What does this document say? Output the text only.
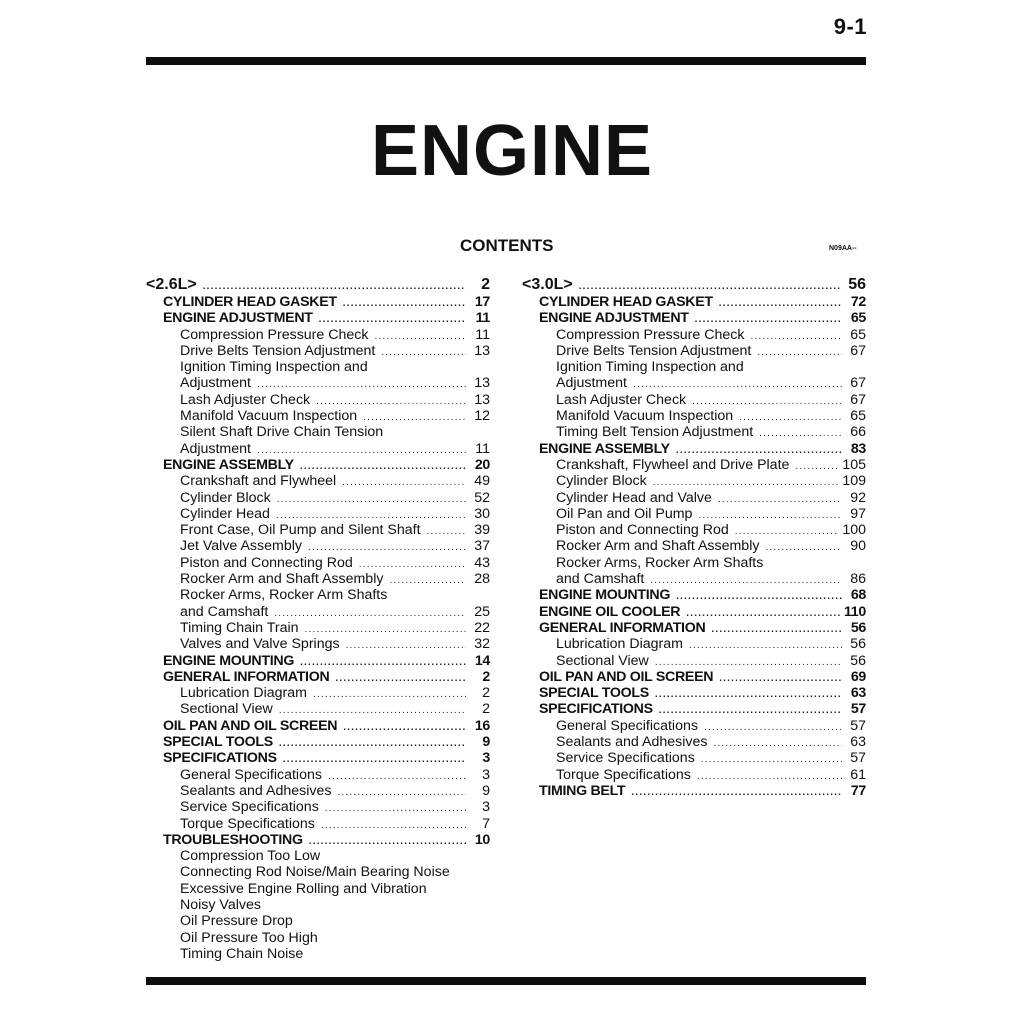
9-1
ENGINE
CONTENTS	N09AA--
<2.6L> .....	2
CYLINDER HEAD GASKET .....	17
ENGINE ADJUSTMENT .....	11
Compression Pressure Check .....	11
Drive Belts Tension Adjustment .....	13
Ignition Timing Inspection and
Adjustment .....	13
Lash Adjuster Check .....	13
Manifold Vacuum Inspection .....	12
Silent Shaft Drive Chain Tension
Adjustment .....	11
ENGINE ASSEMBLY .....	20
Crankshaft and Flywheel .....	49
Cylinder Block .....	52
Cylinder Head .....	30
Front Case, Oil Pump and Silent Shaft .....	39
Jet Valve Assembly .....	37
Piston and Connecting Rod .....	43
Rocker Arm and Shaft Assembly .....	28
Rocker Arms, Rocker Arm Shafts
and Camshaft .....	25
Timing Chain Train .....	22
Valves and Valve Springs .....	32
ENGINE MOUNTING .....	14
GENERAL INFORMATION .....	2
Lubrication Diagram .....	2
Sectional View .....	2
OIL PAN AND OIL SCREEN .....	16
SPECIAL TOOLS .....	9
SPECIFICATIONS .....	3
General Specifications .....	3
Sealants and Adhesives .....	9
Service Specifications .....	3
Torque Specifications .....	7
TROUBLESHOOTING .....	10
Compression Too Low
Connecting Rod Noise/Main Bearing Noise
Excessive Engine Rolling and Vibration
Noisy Valves
Oil Pressure Drop
Oil Pressure Too High
Timing Chain Noise
<3.0L> .....	56
CYLINDER HEAD GASKET .....	72
ENGINE ADJUSTMENT .....	65
Compression Pressure Check .....	65
Drive Belts Tension Adjustment .....	67
Ignition Timing Inspection and
Adjustment .....	67
Lash Adjuster Check .....	67
Manifold Vacuum Inspection .....	65
Timing Belt Tension Adjustment .....	66
ENGINE ASSEMBLY .....	83
Crankshaft, Flywheel and Drive Plate .....	105
Cylinder Block .....	109
Cylinder Head and Valve .....	92
Oil Pan and Oil Pump .....	97
Piston and Connecting Rod .....	100
Rocker Arm and Shaft Assembly .....	90
Rocker Arms, Rocker Arm Shafts
and Camshaft .....	86
ENGINE MOUNTING .....	68
ENGINE OIL COOLER .....	110
GENERAL INFORMATION .....	56
Lubrication Diagram .....	56
Sectional View .....	56
OIL PAN AND OIL SCREEN .....	69
SPECIAL TOOLS .....	63
SPECIFICATIONS .....	57
General Specifications .....	57
Sealants and Adhesives .....	63
Service Specifications .....	57
Torque Specifications .....	61
TIMING BELT .....	77
